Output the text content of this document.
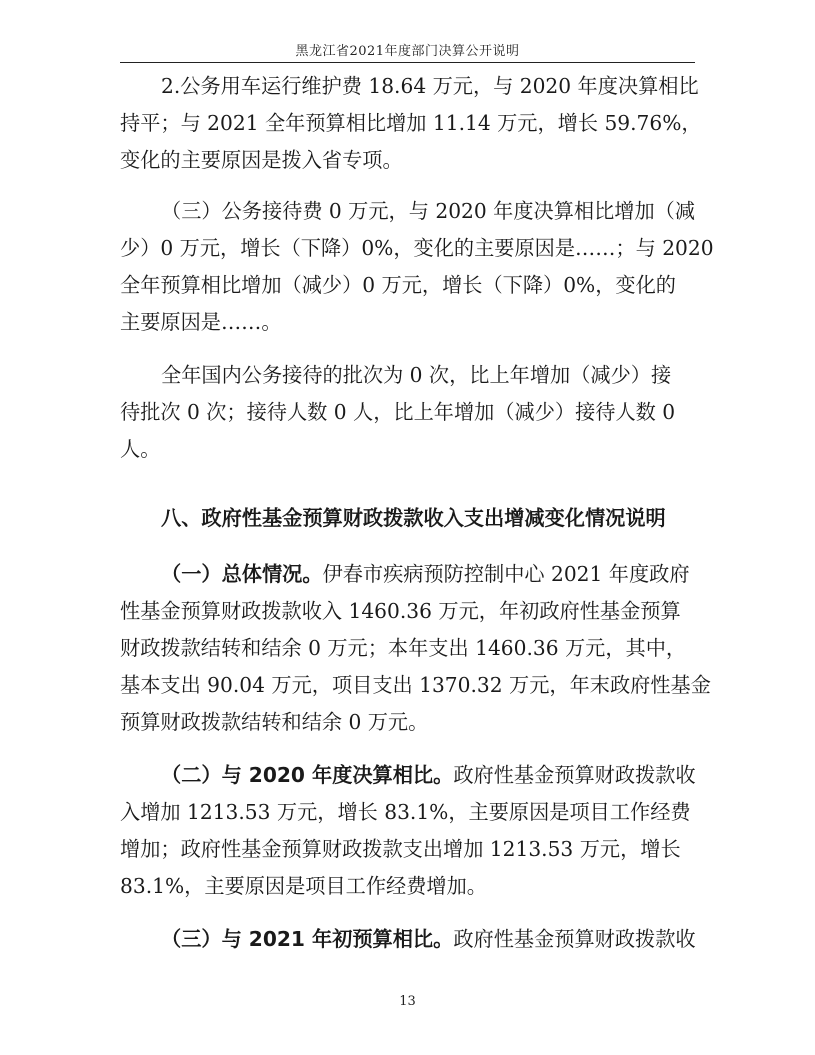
黑龙江省2021年度部门决算公开说明
2.公务用车运行维护费 18.64 万元，与 2020 年度决算相比
持平；与 2021 全年预算相比增加 11.14 万元，增长 59.76%，
变化的主要原因是拨入省专项。
（三）公务接待费 0 万元，与 2020 年度决算相比增加（减
少）0 万元，增长（下降）0%，变化的主要原因是……；与 2020
全年预算相比增加（减少）0 万元，增长（下降）0%，变化的
主要原因是……。
全年国内公务接待的批次为 0 次，比上年增加（减少）接
待批次 0 次；接待人数 0 人，比上年增加（减少）接待人数 0
人。
八、政府性基金预算财政拨款收入支出增减变化情况说明
（一）总体情况。伊春市疾病预防控制中心 2021 年度政府
性基金预算财政拨款收入 1460.36 万元，年初政府性基金预算
财政拨款结转和结余 0 万元；本年支出 1460.36 万元，其中，
基本支出 90.04 万元，项目支出 1370.32 万元，年末政府性基金
预算财政拨款结转和结余 0 万元。
（二）与 2020 年度决算相比。政府性基金预算财政拨款收
入增加 1213.53 万元，增长 83.1%，主要原因是项目工作经费
增加；政府性基金预算财政拨款支出增加 1213.53 万元，增长
83.1%，主要原因是项目工作经费增加。
（三）与 2021 年初预算相比。政府性基金预算财政拨款收
13
